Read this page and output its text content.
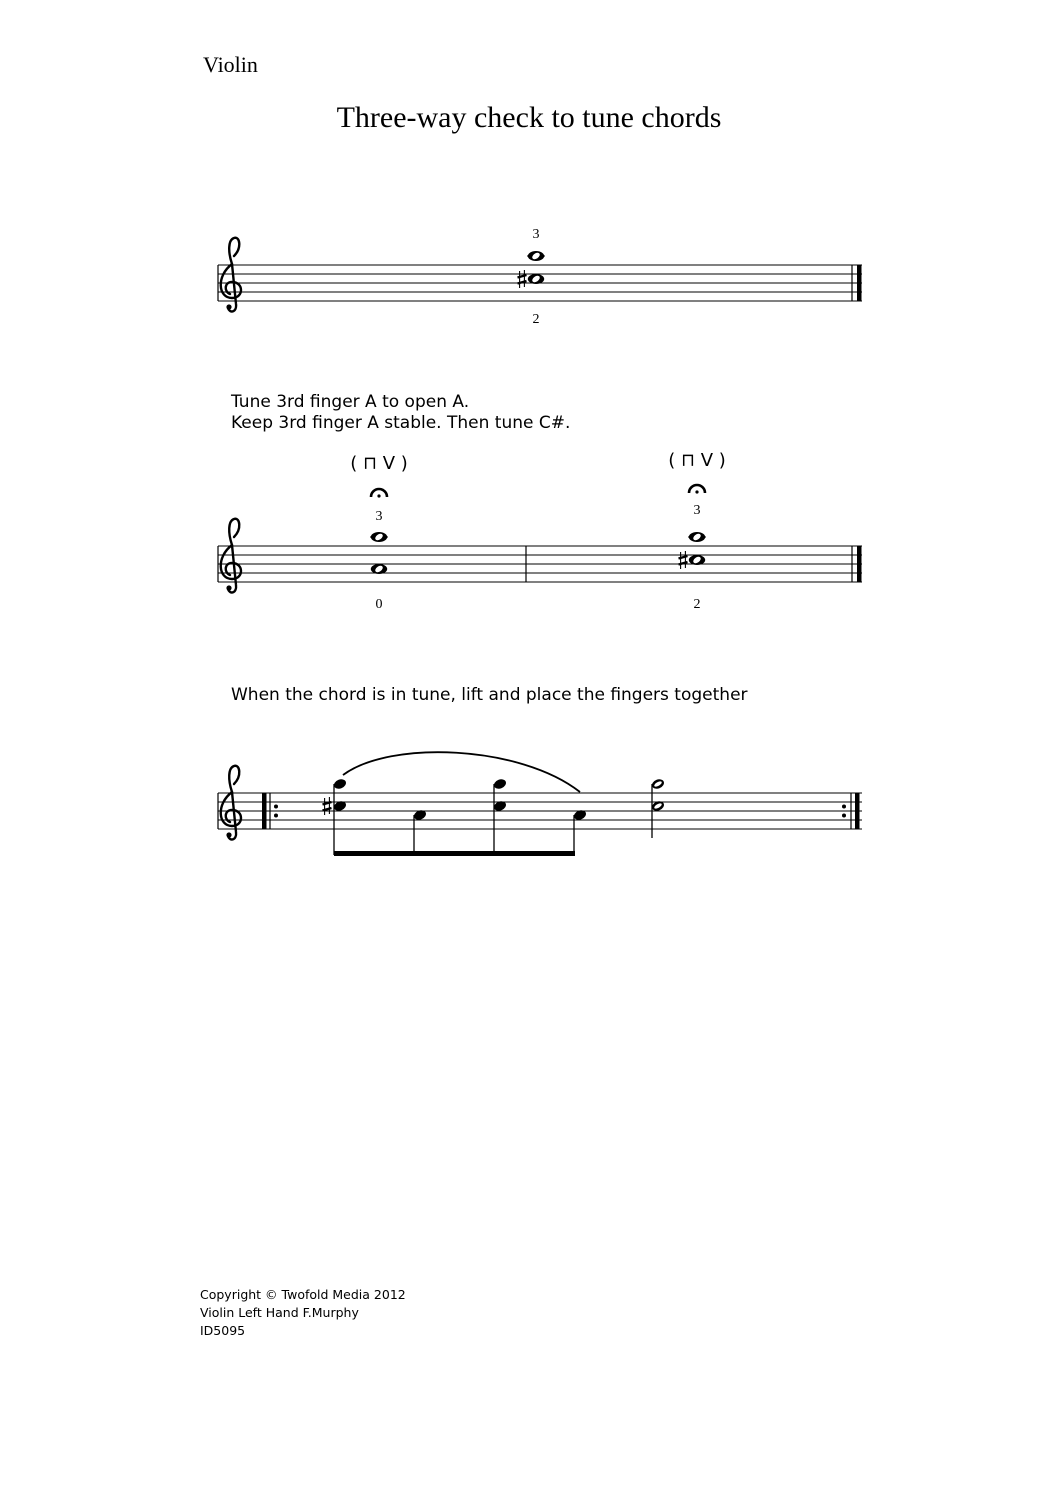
Violin
Three-way check to tune chords
Tune 3rd finger A to open A.
Keep 3rd finger A stable. Then tune C#.
When the chord is in tune, lift and place the fingers together
3
2
( ⊓ V )
3
0
( ⊓ V )
3
2
Copyright © Twofold Media 2012
Violin Left Hand F.Murphy
ID5095
